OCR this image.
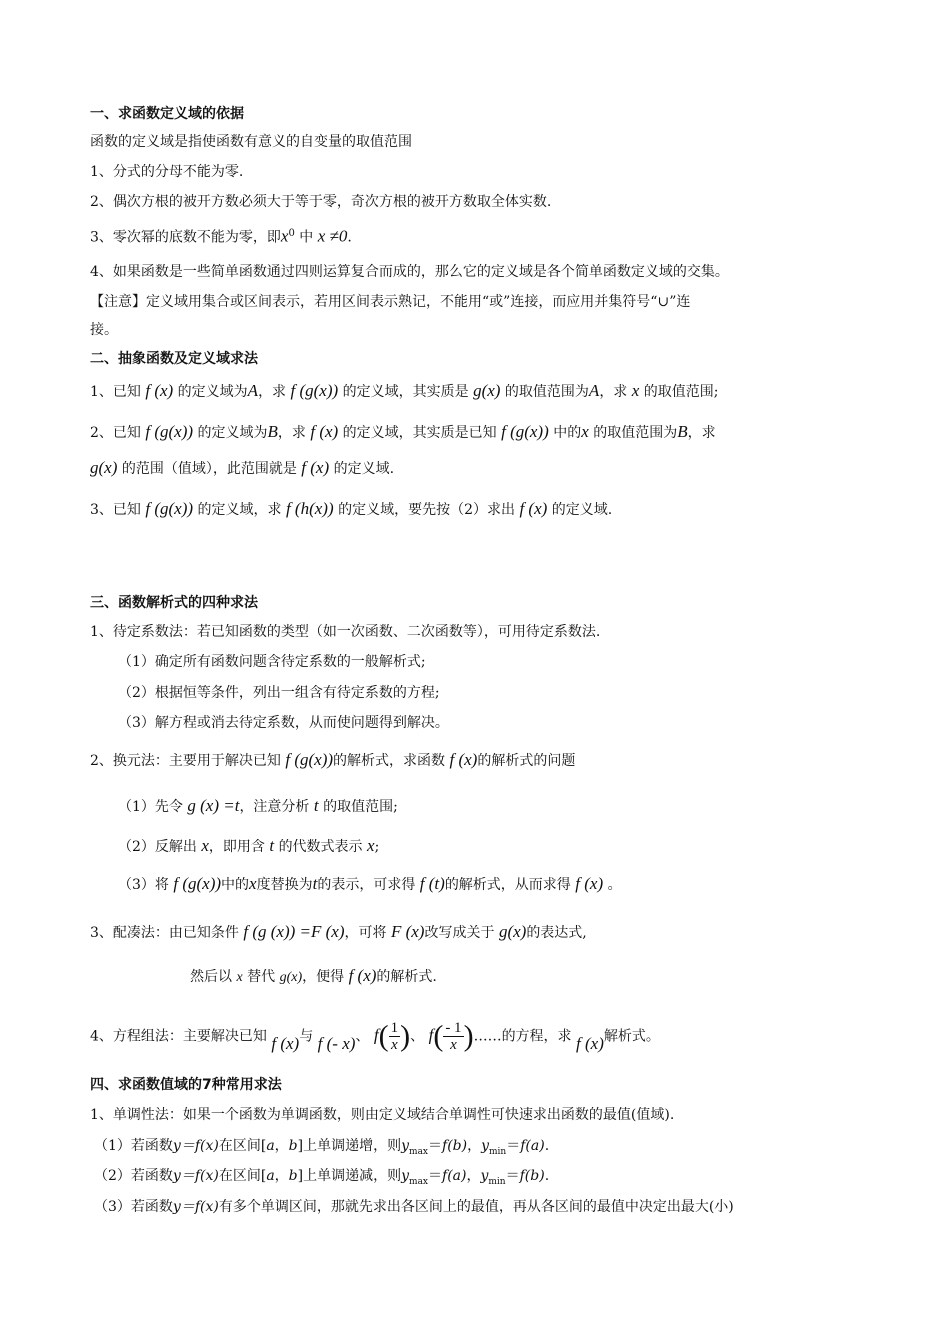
一、求函数定义域的依据
函数的定义域是指使函数有意义的自变量的取值范围
1、分式的分母不能为零.
2、偶次方根的被开方数必须大于等于零，奇次方根的被开方数取全体实数.
3、零次幂的底数不能为零，即$x^0$ 中 x ≠0.
4、如果函数是一些简单函数通过四则运算复合而成的，那么它的定义域是各个简单函数定义域的交集。
【注意】定义域用集合或区间表示，若用区间表示熟记，不能用“或”连接，而应用并集符号“∪”连
接。
二、抽象函数及定义域求法
1、已知 f (x) 的定义域为A，求 f (g(x)) 的定义域，其实质是 g(x) 的取值范围为A，求 x 的取值范围;
2、已知 f (g(x)) 的定义域为B，求 f (x) 的定义域，其实质是已知 f (g(x)) 中的x 的取值范围为B，求
g(x) 的范围（值域），此范围就是 f (x) 的定义域.
3、已知 f (g(x)) 的定义域，求 f (h(x)) 的定义域，要先按（2）求出 f (x) 的定义域.
三、函数解析式的四种求法
1、待定系数法：若已知函数的类型（如一次函数、二次函数等），可用待定系数法.
（1）确定所有函数问题含待定系数的一般解析式;
（2）根据恒等条件，列出一组含有待定系数的方程;
（3）解方程或消去待定系数，从而使问题得到解决。
2、换元法：主要用于解决已知 f (g(x))的解析式，求函数 f (x)的解析式的问题
（1）先令 g (x) =t，注意分析 t 的取值范围;
（2）反解出 x，即用含 t 的代数式表示 x;
（3）将 f (g(x))中的x度替换为t的表示，可求得 f (t)的解析式，从而求得 f (x) 。
3、配凑法：由已知条件 f (g (x)) =F (x)，可将 F (x)改写成关于 g(x)的表达式,
然后以 x 替代 g(x)，便得 f (x)的解析式.
4、方程组法：主要解决已知 f (x)与 f (- x)、 $f( \frac{1}{x}$ )、 $f( \frac{- 1}{x}$ )……的方程，求 f (x)解析式。
四、求函数值域的7种常用求法
1、单调性法：如果一个函数为单调函数，则由定义域结合单调性可快速求出函数的最值(值域).
（1）若函数y＝f(x)在区间[a，b]上单调递增，则$y_{max}=f(b)$，$y_{min}=f(a)$.
（2）若函数y＝f(x)在区间[a，b]上单调递减，则$y_{max}=f(a)$，$y_{min}=f(b)$.
（3）若函数y＝f(x)有多个单调区间，那就先求出各区间上的最值，再从各区间的最值中决定出最大(小)
